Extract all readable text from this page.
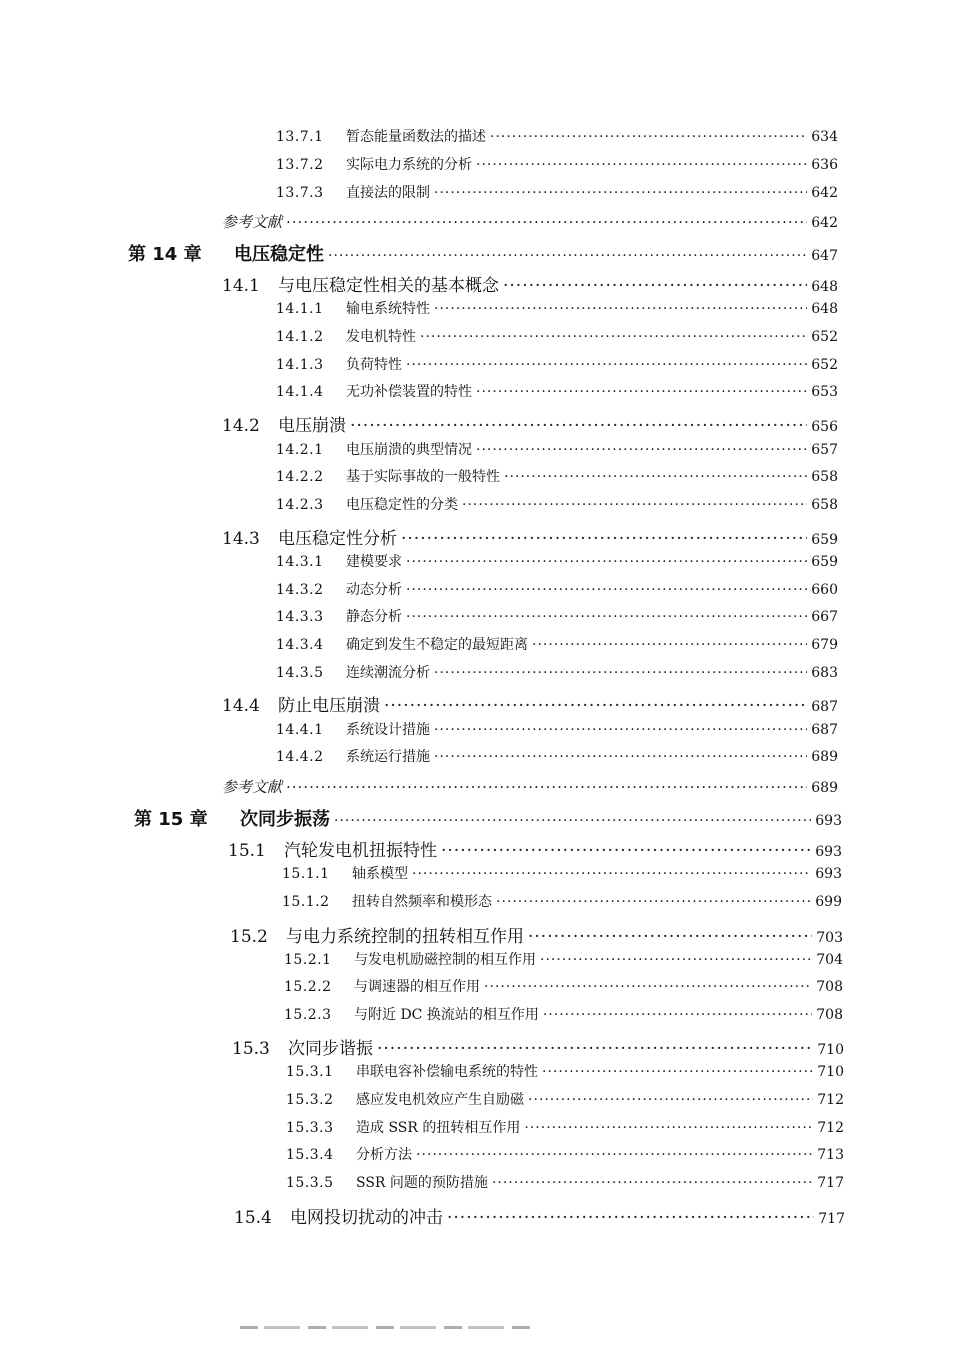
13.7.1	暂态能量函数法的描述 ·····	634
13.7.2	实际电力系统的分析 ·····	636
13.7.3	直接法的限制 ·····	642
参考文献 ·····	642
第 14 章	电压稳定性 ·····	647
14.1	与电压稳定性相关的基本概念 ·····	648
14.1.1	输电系统特性 ·····	648
14.1.2	发电机特性 ·····	652
14.1.3	负荷特性 ·····	652
14.1.4	无功补偿装置的特性 ·····	653
14.2	电压崩溃 ·····	656
14.2.1	电压崩溃的典型情况 ·····	657
14.2.2	基于实际事故的一般特性 ·····	658
14.2.3	电压稳定性的分类 ·····	658
14.3	电压稳定性分析 ·····	659
14.3.1	建模要求 ·····	659
14.3.2	动态分析 ·····	660
14.3.3	静态分析 ·····	667
14.3.4	确定到发生不稳定的最短距离 ·····	679
14.3.5	连续潮流分析 ·····	683
14.4	防止电压崩溃 ·····	687
14.4.1	系统设计措施 ·····	687
14.4.2	系统运行措施 ·····	689
参考文献 ·····	689
第 15 章	次同步振荡 ·····	693
15.1	汽轮发电机扭振特性 ·····	693
15.1.1	轴系模型 ·····	693
15.1.2	扭转自然频率和模形态 ·····	699
15.2	与电力系统控制的扭转相互作用 ·····	703
15.2.1	与发电机励磁控制的相互作用 ·····	704
15.2.2	与调速器的相互作用 ·····	708
15.2.3	与附近 DC 换流站的相互作用 ·····	708
15.3	次同步谐振 ·····	710
15.3.1	串联电容补偿输电系统的特性 ·····	710
15.3.2	感应发电机效应产生自励磁 ·····	712
15.3.3	造成 SSR 的扭转相互作用 ·····	712
15.3.4	分析方法 ·····	713
15.3.5	SSR 问题的预防措施 ·····	717
15.4	电网投切扰动的冲击 ·····	717
